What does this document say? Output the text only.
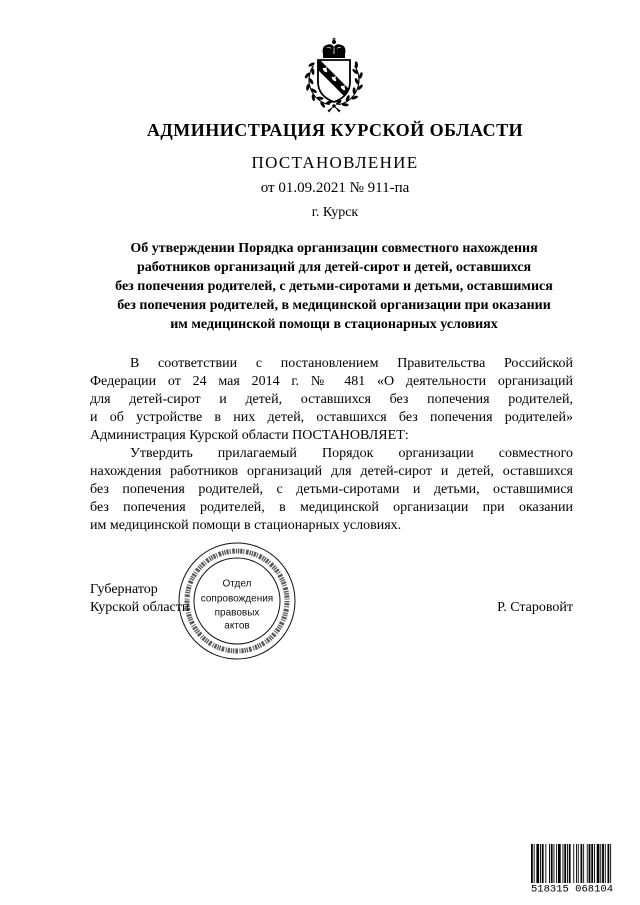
АДМИНИСТРАЦИЯ КУРСКОЙ ОБЛАСТИ
ПОСТАНОВЛЕНИЕ
от 01.09.2021 № 911-па
г. Курск
Об утверждении Порядка организации совместного нахождения
работников организаций для детей-сирот и детей, оставшихся
без попечения родителей, с детьми-сиротами и детьми, оставшимися
без попечения родителей, в медицинской организации при оказании
им медицинской помощи в стационарных условиях
В соответствии с постановлением Правительства Российской
Федерации от 24 мая 2014 г. № 481 «О деятельности организаций
для детей-сирот и детей, оставшихся без попечения родителей,
и об устройстве в них детей, оставшихся без попечения родителей»
Администрация Курской области ПОСТАНОВЛЯЕТ:
Утвердить прилагаемый Порядок организации совместного
нахождения работников организаций для детей-сирот и детей, оставшихся
без попечения родителей, с детьми-сиротами и детьми, оставшимися
без попечения родителей, в медицинской организации при оказании
им медицинской помощи в стационарных условиях.
Губернатор
Курской области	Р. Старовойт
Отдел
сопровождения
правовых
актов
518315 068104
